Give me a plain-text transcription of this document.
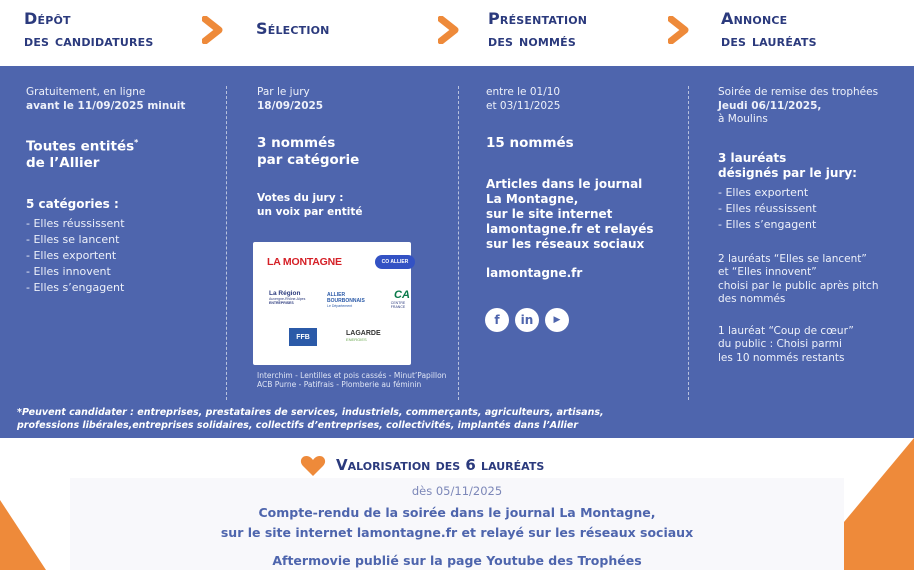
Dépôt
des candidatures
Sélection
Présentation
des nommés
Annonce
des lauréats
Gratuitement, en ligne
avant le 11/09/2025 minuit
Toutes entités*
de l’Allier
5 catégories :
- Elles réussissent
- Elles se lancent
- Elles exportent
- Elles innovent
- Elles s’engagent
Par le jury
18/09/2025
3 nommés
par catégorie
Votes du jury :
un voix par entité
LA MONTAGNE	CO ALLIER
La Région
Auvergne-Rhône-Alpes
ENTREPRISES
ALLIER
BOURBONNAIS
Le Département
CA
CENTRE FRANCE
FFB	LAGARDE
ENERGIES
Interchim - Lentilles et pois cassés - Minut’Papillon
ACB Purne - Patifrais - Plomberie au féminin
entre le 01/10
et 03/11/2025
15 nommés
Articles dans le journal
La Montagne,
sur le site internet
lamontagne.fr et relayés
sur les réseaux sociaux
lamontagne.fr
f	in	▶
Soirée de remise des trophées
Jeudi 06/11/2025,
à Moulins
3 lauréats
désignés par le jury:
- Elles exportent
- Elles réussissent
- Elles s’engagent
2 lauréats “Elles se lancent”
et “Elles innovent”
choisi par le public après pitch
des nommés
1 lauréat “Coup de cœur”
du public : Choisi parmi
les 10 nommés restants
*Peuvent candidater : entreprises, prestataires de services, industriels, commerçants, agriculteurs, artisans,
professions libérales,entreprises solidaires, collectifs d’entreprises, collectivités, implantés dans l’Allier
Valorisation des 6 lauréats
dès 05/11/2025
Compte-rendu de la soirée dans le journal La Montagne,
sur le site internet lamontagne.fr et relayé sur les réseaux sociaux
Aftermovie publié sur la page Youtube des Trophées
